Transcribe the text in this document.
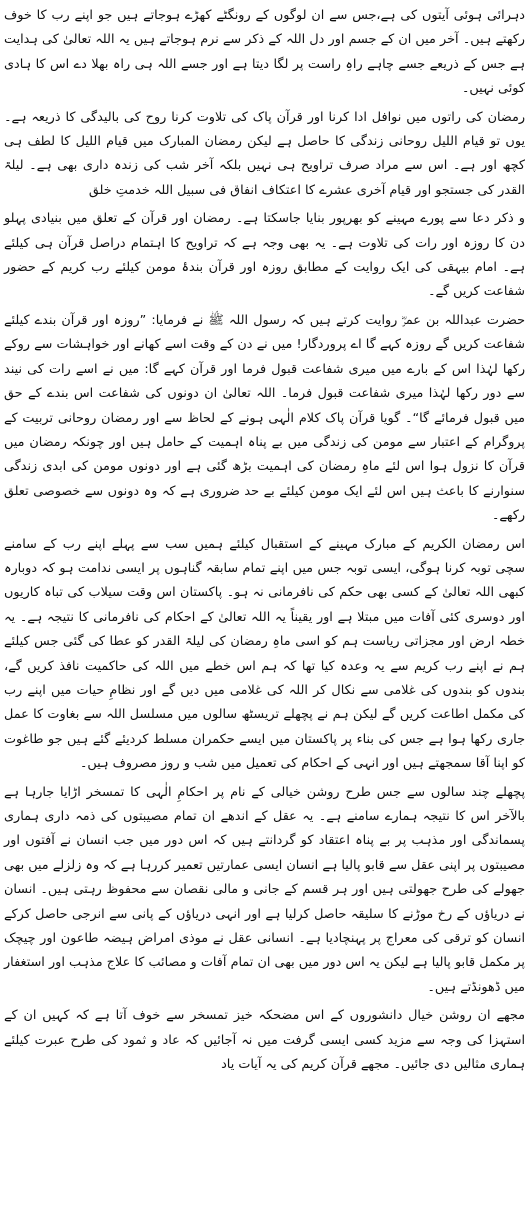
دہرائی ہوئی آیتوں کی ہے،جس سے ان لوگوں کے رونگٹے کھڑے ہوجاتے ہیں جو اپنے رب کا خوف رکھتے ہیں۔ آخر میں ان کے جسم اور دل اللہ کے ذکر سے نرم ہوجاتے ہیں یہ اللہ تعالیٰ کی ہدایت ہے جس کے ذریعے جسے چاہے راہِ راست پر لگا دیتا ہے اور جسے اللہ ہی راہ بھلا دے اس کا ہادی کوئی نہیں۔

رمضان کی راتوں میں نوافل ادا کرنا اور قرآن پاک کی تلاوت کرنا روح کی بالیدگی کا ذریعہ ہے۔ یوں تو قیام اللیل روحانی زندگی کا حاصل ہے لیکن رمضان المبارک میں قیام اللیل کا لطف ہی کچھ اور ہے۔ اس سے مراد صرف تراویح ہی نہیں بلکہ آخر شب کی زندہ داری بھی ہے۔ لیلۃ القدر کی جستجو اور قیام آخری عشرے کا اعتکاف انفاق فی سبیل اللہ خدمتِ خلق

و ذکر دعا سے پورے مہینے کو بھرپور بنایا جاسکتا ہے۔ رمضان اور قرآن کے تعلق میں بنیادی پہلو دن کا روزہ اور رات کی تلاوت ہے۔ یہ بھی وجہ ہے کہ تراویح کا اہتمام دراصل قرآن ہی کیلئے ہے۔ امام بیہقی کی ایک روایت کے مطابق روزہ اور قرآن بندۂ مومن کیلئے رب کریم کے حضور شفاعت کریں گے۔

حضرت عبداللہ بن عمرؓ روایت کرتے ہیں کہ رسول اللہ ﷺ نے فرمایا: ”روزہ اور قرآن بندے کیلئے شفاعت کریں گے روزہ کہے گا اے پروردگار! میں نے دن کے وقت اسے کھانے اور خواہشات سے روکے رکھا لہٰذا اس کے بارے میں میری شفاعت قبول فرما اور قرآن کہے گا: میں نے اسے رات کی نیند سے دور رکھا لہٰذا میری شفاعت قبول فرما۔ اللہ تعالیٰ ان دونوں کی شفاعت اس بندے کے حق میں قبول فرمائے گا“۔ گویا قرآن پاک کلام الٰہی ہونے کے لحاظ سے اور رمضان روحانی تربیت کے پروگرام کے اعتبار سے مومن کی زندگی میں بے پناہ اہمیت کے حامل ہیں اور چونکہ رمضان میں قرآن کا نزول ہوا اس لئے ماہِ رمضان کی اہمیت بڑھ گئی ہے اور دونوں مومن کی ابدی زندگی سنوارنے کا باعث ہیں اس لئے ایک مومن کیلئے بے حد ضروری ہے کہ وہ دونوں سے خصوصی تعلق رکھے۔

اس رمضان الکریم کے مبارک مہینے کے استقبال کیلئے ہمیں سب سے پہلے اپنے رب کے سامنے سچی توبہ کرنا ہوگی، ایسی توبہ جس میں اپنے تمام سابقہ گناہوں پر ایسی ندامت ہو کہ دوبارہ کبھی اللہ تعالیٰ کے کسی بھی حکم کی نافرمانی نہ ہو۔ پاکستان اس وقت سیلاب کی تباہ کاریوں اور دوسری کئی آفات میں مبتلا ہے اور یقیناً یہ اللہ تعالیٰ کے احکام کی نافرمانی کا نتیجہ ہے۔ یہ خطہ ارض اور مجزاتی ریاست ہم کو اسی ماہِ رمضان کی لیلۃ القدر کو عطا کی گئی جس کیلئے ہم نے اپنے رب کریم سے یہ وعدہ کیا تھا کہ ہم اس خطے میں اللہ کی حاکمیت نافذ کریں گے، بندوں کو بندوں کی غلامی سے نکال کر اللہ کی غلامی میں دیں گے اور نظامِ حیات میں اپنے رب کی مکمل اطاعت کریں گے لیکن ہم نے پچھلے تریسٹھ سالوں میں مسلسل اللہ سے بغاوت کا عمل جاری رکھا ہوا ہے جس کی بناء پر پاکستان میں ایسے حکمران مسلط کردیئے گئے ہیں جو طاغوت کو اپنا آقا سمجھتے ہیں اور انہی کے احکام کی تعمیل میں شب و روز مصروف ہیں۔

پچھلے چند سالوں سے جس طرح روشن خیالی کے نام پر احکامِ الٰہی کا تمسخر اڑایا جارہا ہے بالآخر اس کا نتیجہ ہمارے سامنے ہے۔ یہ عقل کے اندھے ان تمام مصیبتوں کی ذمہ داری ہماری پسماندگی اور مذہب پر بے پناہ اعتقاد کو گردانتے ہیں کہ اس دور میں جب انسان نے آفتوں اور مصیبتوں پر اپنی عقل سے قابو پالیا ہے انسان ایسی عمارتیں تعمیر کررہا ہے کہ وہ زلزلے میں بھی جھولے کی طرح جھولتی ہیں اور ہر قسم کے جانی و مالی نقصان سے محفوظ رہتی ہیں۔ انسان نے دریاؤں کے رخ موڑنے کا سلیقہ حاصل کرلیا ہے اور انہی دریاؤں کے پانی سے انرجی حاصل کرکے انسان کو ترقی کی معراج پر پہنچادیا ہے۔ انسانی عقل نے موذی امراض ہیضہ طاعون اور چیچک پر مکمل قابو پالیا ہے لیکن یہ اس دور میں بھی ان تمام آفات و مصائب کا علاج مذہب اور استغفار میں ڈھونڈتے ہیں۔

مجھے ان روشن خیال دانشوروں کے اس مضحکہ خیز تمسخر سے خوف آتا ہے کہ کہیں ان کے استہزا کی وجہ سے مزید کسی ایسی گرفت میں نہ آجائیں کہ عاد و ثمود کی طرح عبرت کیلئے ہماری مثالیں دی جائیں۔ مجھے قرآن کریم کی یہ آیات یاد
